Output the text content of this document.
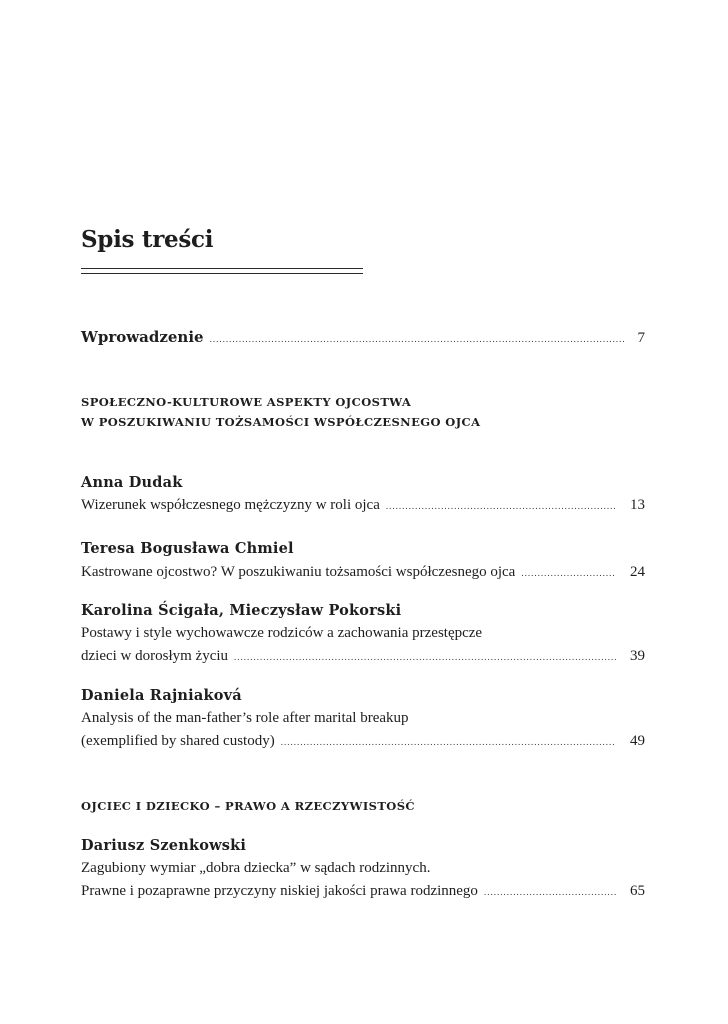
Spis treści
Wprowadzenie .....	7
SPOŁECZNO-KULTUROWE ASPEKTY OJCOSTWA
W POSZUKIWANIU TOŻSAMOŚCI WSPÓŁCZESNEGO OJCA
Anna Dudak
Wizerunek współczesnego mężczyzny w roli ojca .....	13
Teresa Bogusława Chmiel
Kastrowane ojcostwo? W poszukiwaniu tożsamości współczesnego ojca .....	24
Karolina Ścigała, Mieczysław Pokorski
Postawy i style wychowawcze rodziców a zachowania przestępcze
dzieci w dorosłym życiu .....	39
Daniela Rajniaková
Analysis of the man-father’s role after marital breakup
(exemplified by shared custody) .....	49
OJCIEC I DZIECKO – PRAWO A RZECZYWISTOŚĆ
Dariusz Szenkowski
Zagubiony wymiar „dobra dziecka” w sądach rodzinnych.
Prawne i pozaprawne przyczyny niskiej jakości prawa rodzinnego .....	65
